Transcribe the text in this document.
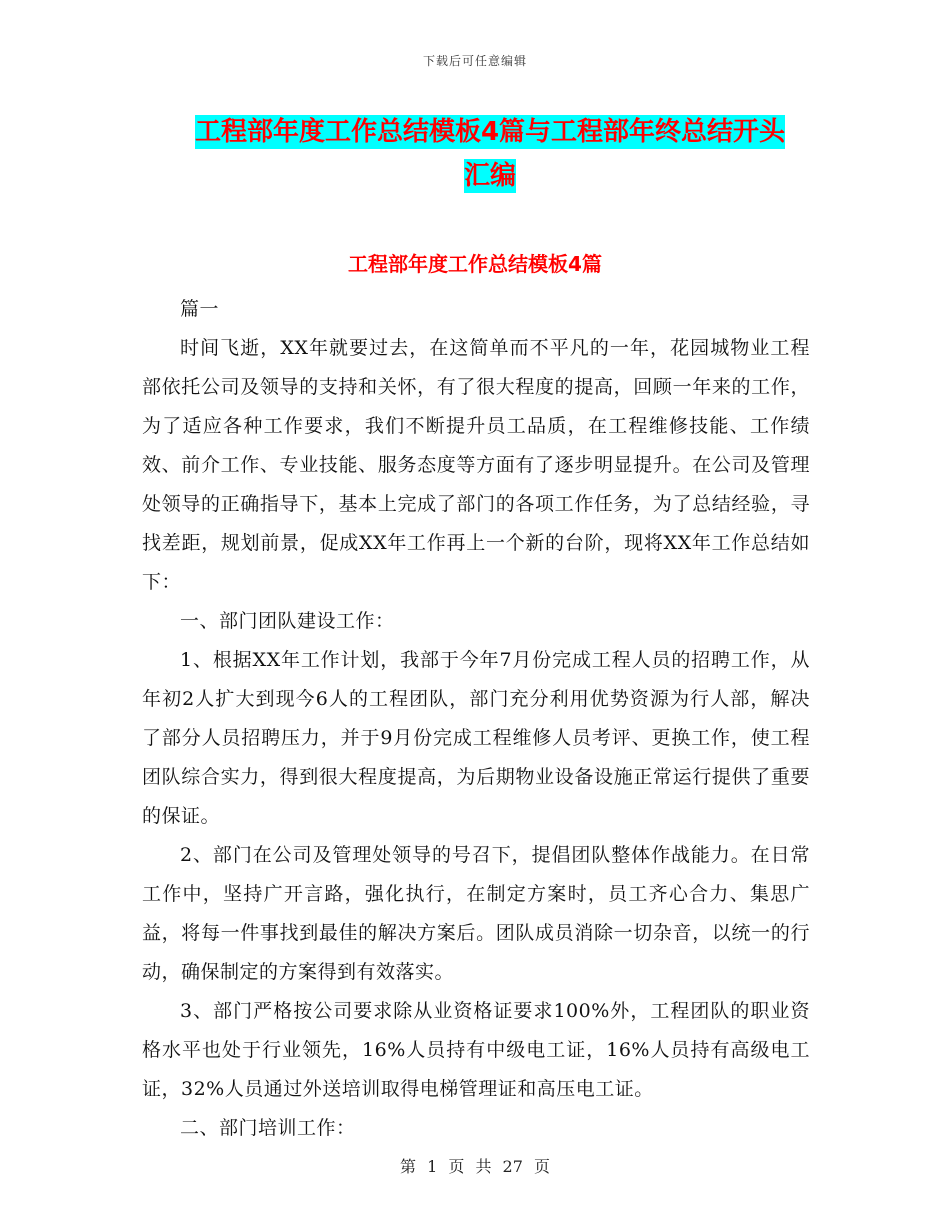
下载后可任意编辑
工程部年度工作总结模板4篇与工程部年终总结开头
汇编
工程部年度工作总结模板4篇

篇一

时间飞逝，XX年就要过去，在这简单而不平凡的一年，花园城物业工程部依托公司及领导的支持和关怀，有了很大程度的提高，回顾一年来的工作，为了适应各种工作要求，我们不断提升员工品质，在工程维修技能、工作绩效、前介工作、专业技能、服务态度等方面有了逐步明显提升。在公司及管理处领导的正确指导下，基本上完成了部门的各项工作任务，为了总结经验，寻找差距，规划前景，促成XX年工作再上一个新的台阶，现将XX年工作总结如下：

一、部门团队建设工作：

1、根据XX年工作计划，我部于今年7月份完成工程人员的招聘工作，从年初2人扩大到现今6人的工程团队，部门充分利用优势资源为行人部，解决了部分人员招聘压力，并于9月份完成工程维修人员考评、更换工作，使工程团队综合实力，得到很大程度提高，为后期物业设备设施正常运行提供了重要的保证。

2、部门在公司及管理处领导的号召下，提倡团队整体作战能力。在日常工作中，坚持广开言路，强化执行，在制定方案时，员工齐心合力、集思广益，将每一件事找到最佳的解决方案后。团队成员消除一切杂音，以统一的行动，确保制定的方案得到有效落实。

3、部门严格按公司要求除从业资格证要求100%外，工程团队的职业资格水平也处于行业领先，16%人员持有中级电工证，16%人员持有高级电工证，32%人员通过外送培训取得电梯管理证和高压电工证。

二、部门培训工作：

第 1 页 共 27 页
